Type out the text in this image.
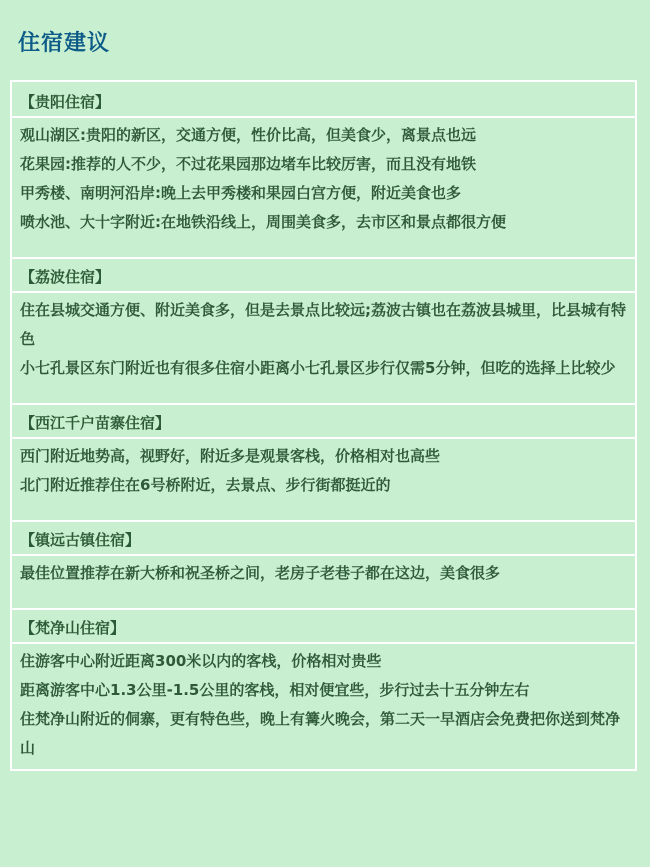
住宿建议
【贵阳住宿】
观山湖区:贵阳的新区，交通方便，性价比高，但美食少，离景点也远
花果园:推荐的人不少，不过花果园那边堵车比较厉害，而且没有地铁
甲秀楼、南明河沿岸:晚上去甲秀楼和果园白宫方便，附近美食也多
喷水池、大十字附近:在地铁沿线上，周围美食多，去市区和景点都很方便
【荔波住宿】
住在县城交通方便、附近美食多，但是去景点比较远;荔波古镇也在荔波县城里，比县城有特色
小七孔景区东门附近也有很多住宿小距离小七孔景区步行仅需5分钟，但吃的选择上比较少
【西江千户苗寨住宿】
西门附近地势高，视野好，附近多是观景客栈，价格相对也高些
北门附近推荐住在6号桥附近，去景点、步行街都挺近的
【镇远古镇住宿】
最佳位置推荐在新大桥和祝圣桥之间，老房子老巷子都在这边，美食很多
【梵净山住宿】
住游客中心附近距离300米以内的客栈，价格相对贵些
距离游客中心1.3公里-1.5公里的客栈，相对便宜些，步行过去十五分钟左右
住梵净山附近的侗寨，更有特色些，晚上有篝火晚会，第二天一早酒店会免费把你送到梵净山
